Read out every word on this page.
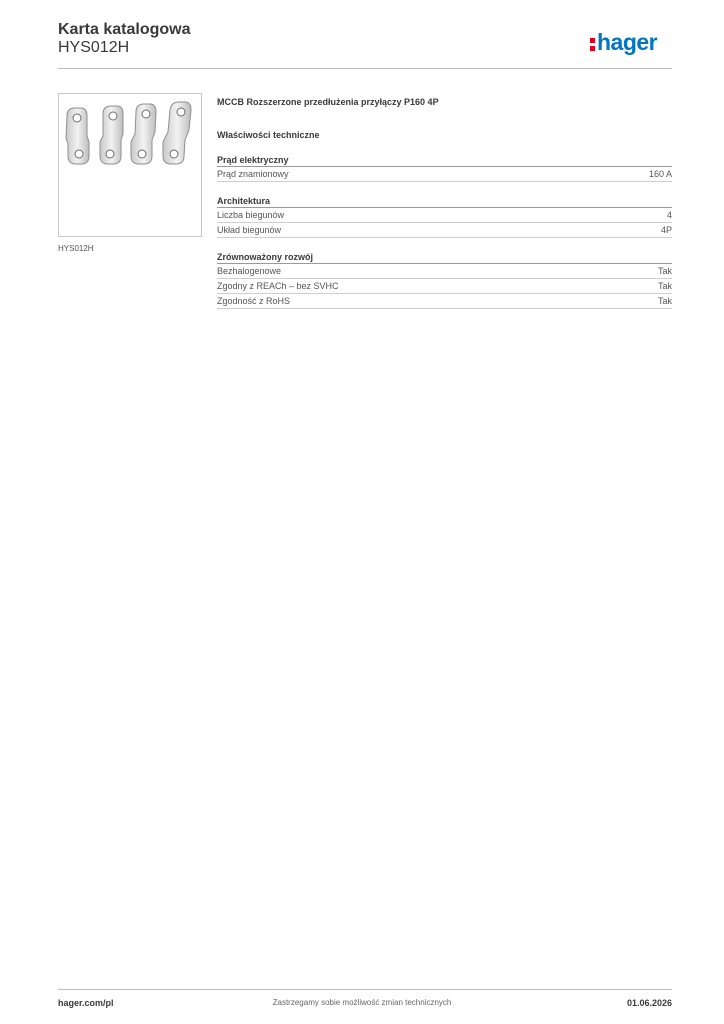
Karta katalogowa
HYS012H	hager
HYS012H
MCCB Rozszerzone przedłużenia przyłączy P160 4P
Właściwości techniczne
Prąd elektryczny
Prąd znamionowy	160 A
Architektura
Liczba biegunów	4
Układ biegunów	4P
Zrównoważony rozwój
Bezhalogenowe	Tak
Zgodny z REACh – bez SVHC	Tak
Zgodność z RoHS	Tak
Zastrzegamy sobie możliwość zmian technicznych
hager.com/pl	01.06.2026
